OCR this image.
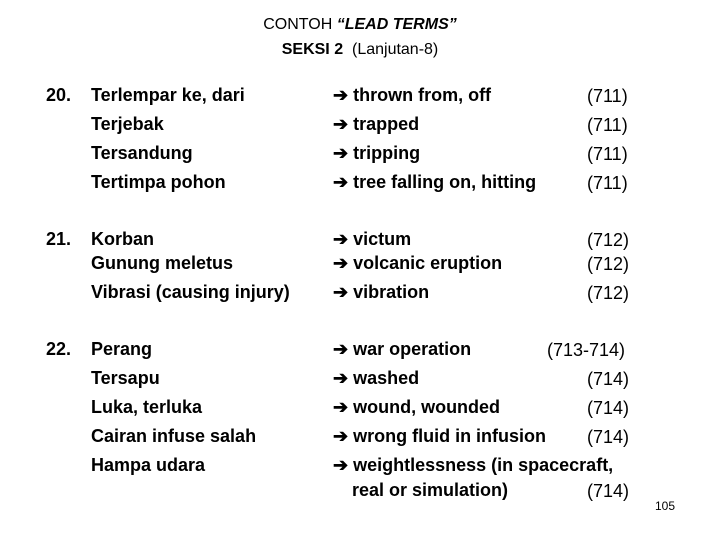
CONTOH “LEAD TERMS”
SEKSI 2 (Lanjutan-8)
20. Terlempar ke, dari
Terjebak
Tersandung
Tertimpa pohon
➔ thrown from, off
➔ trapped
➔ tripping
➔ tree falling on, hitting
(711)
(711)
(711)
(711)
21. Korban
Gunung meletus
Vibrasi (causing injury)
➔ victum
➔ volcanic eruption
➔ vibration
(712)
(712)
(712)
22. Perang
Tersapu
Luka, terluka
Cairan infuse salah
Hampa udara
➔ war operation
➔ washed
➔ wound, wounded
➔ wrong fluid in infusion
➔ weightlessness (in spacecraft,
real or simulation)
(713-714)
(714)
(714)
(714)
(714)
105
